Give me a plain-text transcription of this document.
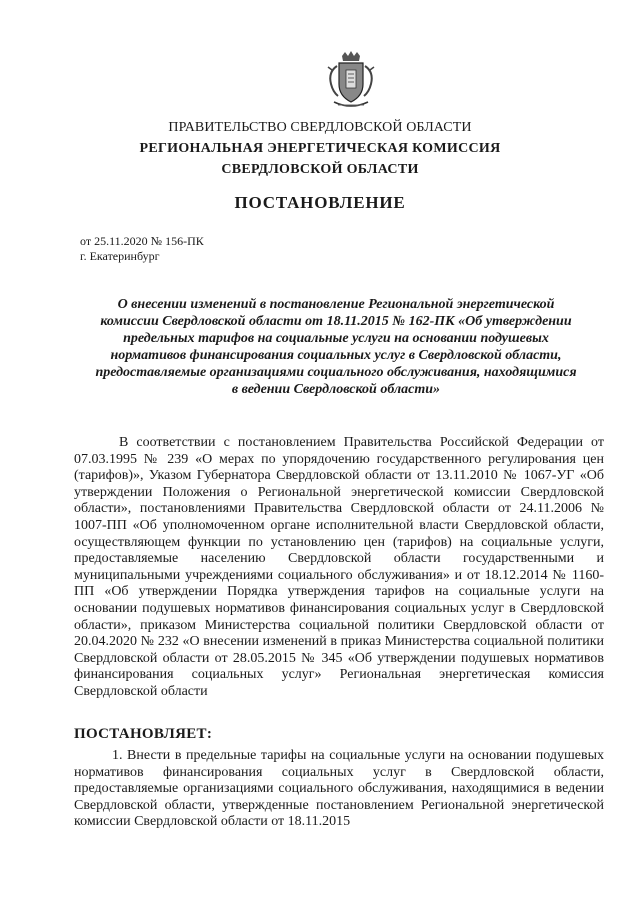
ПРАВИТЕЛЬСТВО СВЕРДЛОВСКОЙ ОБЛАСТИ
РЕГИОНАЛЬНАЯ ЭНЕРГЕТИЧЕСКАЯ КОМИССИЯ
СВЕРДЛОВСКОЙ ОБЛАСТИ
ПОСТАНОВЛЕНИЕ
от 25.11.2020 № 156-ПК
г. Екатеринбург
О внесении изменений в постановление Региональной энергетической комиссии Свердловской области от 18.11.2015 № 162-ПК «Об утверждении предельных тарифов на социальные услуги на основании подушевых нормативов финансирования социальных услуг в Свердловской области, предоставляемые организациями социального обслуживания, находящимися в ведении Свердловской области»

В соответствии с постановлением Правительства Российской Федерации от 07.03.1995 № 239 «О мерах по упорядочению государственного регулирования цен (тарифов)», Указом Губернатора Свердловской области от 13.11.2010 № 1067-УГ «Об утверждении Положения о Региональной энергетической комиссии Свердловской области», постановлениями Правительства Свердловской области от 24.11.2006 № 1007-ПП «Об уполномоченном органе исполнительной власти Свердловской области, осуществляющем функции по установлению цен (тарифов) на социальные услуги, предоставляемые населению Свердловской области государственными и муниципальными учреждениями социального обслуживания» и от 18.12.2014 № 1160-ПП «Об утверждении Порядка утверждения тарифов на социальные услуги на основании подушевых нормативов финансирования социальных услуг в Свердловской области», приказом Министерства социальной политики Свердловской области от 20.04.2020 № 232 «О внесении изменений в приказ Министерства социальной политики Свердловской области от 28.05.2015 № 345 «Об утверждении подушевых нормативов финансирования социальных услуг» Региональная энергетическая комиссия Свердловской области

ПОСТАНОВЛЯЕТ:

1. Внести в предельные тарифы на социальные услуги на основании подушевых нормативов финансирования социальных услуг в Свердловской области, предоставляемые организациями социального обслуживания, находящимися в ведении Свердловской области, утвержденные постановлением Региональной энергетической комиссии Свердловской области от 18.11.2015
